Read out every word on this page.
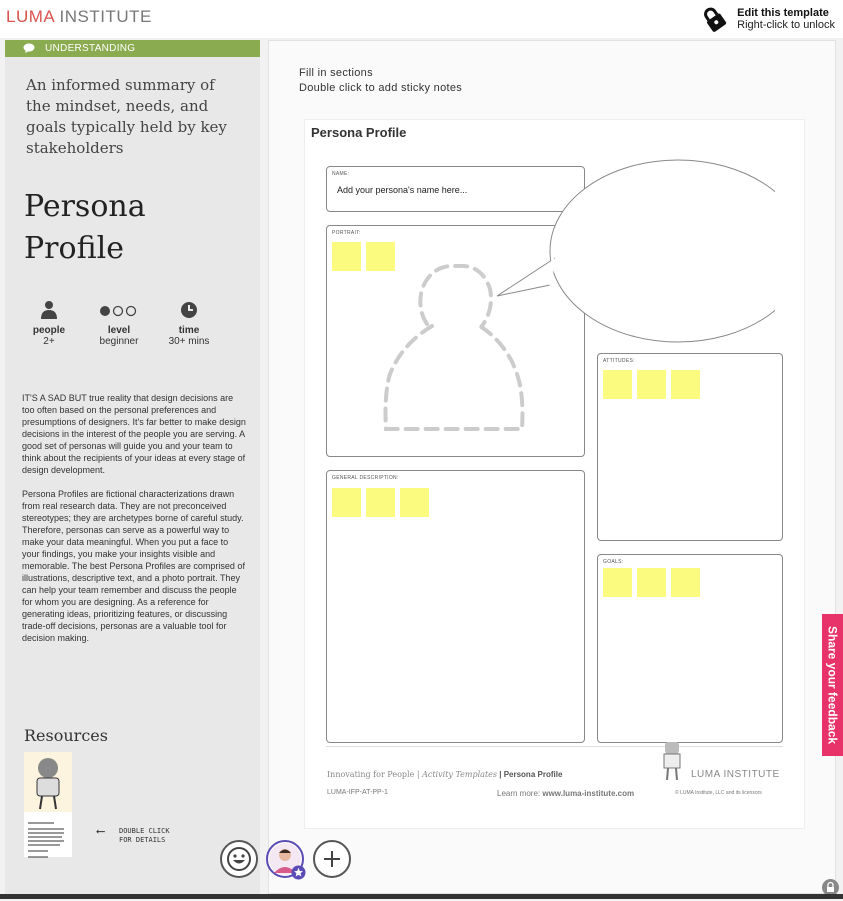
LUMA INSTITUTE	Edit this template
Right-click to unlock
UNDERSTANDING
An informed summary of the mindset, needs, and goals typically held by key stakeholders
Persona Profile
people
2+
level
beginner
time
30+ mins

IT'S A SAD BUT true reality that design decisions are too often based on the personal preferences and presumptions of designers. It's far better to make design decisions in the interest of the people you are serving. A good set of personas will guide you and your team to think about the recipients of your ideas at every stage of design development.

Persona Profiles are fictional characterizations drawn from real research data. They are not preconceived stereotypes; they are archetypes borne of careful study. Therefore, personas can serve as a powerful way to make your data meaningful. When you put a face to your findings, you make your insights visible and memorable. The best Persona Profiles are comprised of illustrations, descriptive text, and a photo portrait. They can help your team remember and discuss the people for whom you are designing. As a reference for generating ideas, prioritizing features, or discussing trade-off decisions, personas are a valuable tool for decision making.

Resources

⟵ DOUBLE CLICK
FOR DETAILS
Fill in sections
Double click to add sticky notes
Persona Profile
NAME:
Add your persona's name here...
PORTRAIT:
ATTITUDES:
GENERAL DESCRIPTION:
GOALS:
Innovating for People | Activity Templates | Persona Profile	LUMA INSTITUTE
LUMA-IFP-AT-PP-1	Learn more: www.luma-institute.com	© LUMA Institute, LLC and its licensors
Share your feedback
